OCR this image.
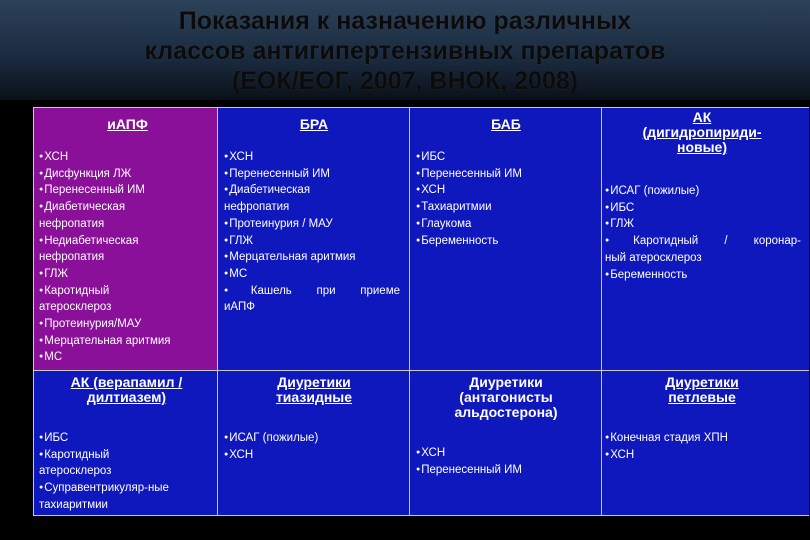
Показания к назначению различных
классов антигипертензивных препаратов
(ЕОК/ЕОГ, 2007, ВНОК, 2008)
иАПФ
● ХСН
● Дисфункция ЛЖ
● Перенесенный ИМ
● Диабетическая
нефропатия
● Недиабетическая
нефропатия
● ГЛЖ
● Каротидный
атеросклероз
● Протеинурия/МАУ
● Мерцательная аритмия
● МС
БРА
● ХСН
● Перенесенный ИМ
● Диабетическая
нефропатия
● Протеинурия / МАУ
● ГЛЖ
● Мерцательная аритмия
● МС
● Кашель при приеме
иАПФ
БАБ
● ИБС
● Перенесенный ИМ
● ХСН
● Тахиаритмии
● Глаукома
● Беременность
АК
(дигидропириди-
новые)
● ИСАГ (пожилые)
● ИБС
● ГЛЖ
● Каротидный / коронар-
ный атеросклероз
● Беременность
АК (верапамил /
дилтиазем)
● ИБС
● Каротидный
атеросклероз
● Суправентрикуляр-ные
тахиаритмии
Диуретики
тиазидные
● ИСАГ (пожилые)
● ХСН
Диуретики
(антагонисты
альдостерона)
● ХСН
● Перенесенный ИМ
Диуретики
петлевые
● Конечная стадия ХПН
● ХСН
